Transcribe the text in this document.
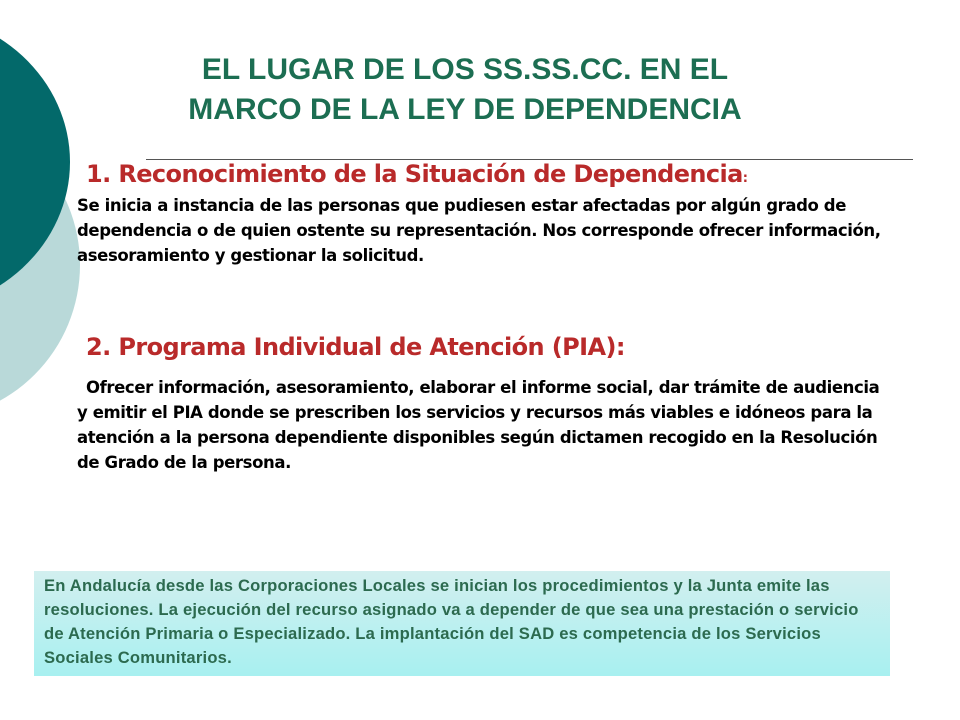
EL LUGAR DE LOS SS.SS.CC. EN EL
MARCO DE LA LEY DE DEPENDENCIA
1. Reconocimiento de la Situación de Dependencia:

Se inicia a instancia de las personas que pudiesen estar afectadas por algún grado de dependencia o de quien ostente su representación. Nos corresponde ofrecer información, asesoramiento y gestionar la solicitud.

2. Programa Individual de Atención (PIA):

Ofrecer información, asesoramiento, elaborar el informe social, dar trámite de audiencia y emitir el PIA donde se prescriben los servicios y recursos más viables e idóneos para la atención a la persona dependiente disponibles según dictamen recogido en la Resolución de Grado de la persona.

En Andalucía desde las Corporaciones Locales se inician los procedimientos y la Junta emite las resoluciones. La ejecución del recurso asignado va a depender de que sea una prestación o servicio de Atención Primaria o Especializado. La implantación del SAD es competencia de los Servicios Sociales Comunitarios.
